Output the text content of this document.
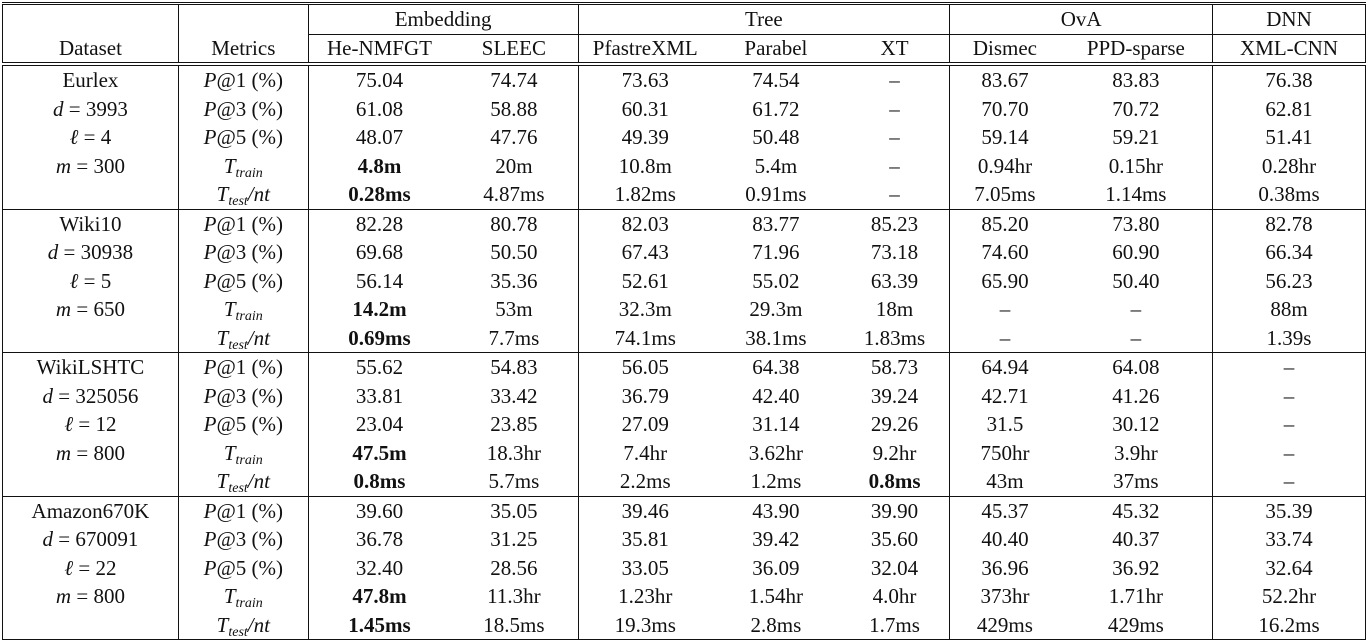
		Embedding		Tree			OvA		DNN

Dataset	Metrics	He-NMFGT	SLEEC	PfastreXML	Parabel	XT	Dismec	PPD-sparse	XML-CNN
Eurlex	P@1 (%)	75.04	74.74	73.63	74.54	–	83.67	83.83	76.38
d = 3993	P@3 (%)	61.08	58.88	60.31	61.72	–	70.70	70.72	62.81
ℓ = 4	P@5 (%)	48.07	47.76	49.39	50.48	–	59.14	59.21	51.41
m = 300	$T_{train}$	4.8m	20m	10.8m	5.4m	–	0.94hr	0.15hr	0.28hr
	$T_{test}/nt$	0.28ms	4.87ms	1.82ms	0.91ms	–	7.05ms	1.14ms	0.38ms
Wiki10	P@1 (%)	82.28	80.78	82.03	83.77	85.23	85.20	73.80	82.78
d = 30938	P@3 (%)	69.68	50.50	67.43	71.96	73.18	74.60	60.90	66.34
ℓ = 5	P@5 (%)	56.14	35.36	52.61	55.02	63.39	65.90	50.40	56.23
m = 650	$T_{train}$	14.2m	53m	32.3m	29.3m	18m	–	–	88m
	$T_{test}/nt$	0.69ms	7.7ms	74.1ms	38.1ms	1.83ms	–	–	1.39s
WikiLSHTC	P@1 (%)	55.62	54.83	56.05	64.38	58.73	64.94	64.08	–
d = 325056	P@3 (%)	33.81	33.42	36.79	42.40	39.24	42.71	41.26	–
ℓ = 12	P@5 (%)	23.04	23.85	27.09	31.14	29.26	31.5	30.12	–
m = 800	$T_{train}$	47.5m	18.3hr	7.4hr	3.62hr	9.2hr	750hr	3.9hr	–
	$T_{test}/nt$	0.8ms	5.7ms	2.2ms	1.2ms	0.8ms	43m	37ms	–
Amazon670K	P@1 (%)	39.60	35.05	39.46	43.90	39.90	45.37	45.32	35.39
d = 670091	P@3 (%)	36.78	31.25	35.81	39.42	35.60	40.40	40.37	33.74
ℓ = 22	P@5 (%)	32.40	28.56	33.05	36.09	32.04	36.96	36.92	32.64
m = 800	$T_{train}$	47.8m	11.3hr	1.23hr	1.54hr	4.0hr	373hr	1.71hr	52.2hr
	$T_{test}/nt$	1.45ms	18.5ms	19.3ms	2.8ms	1.7ms	429ms	429ms	16.2ms
